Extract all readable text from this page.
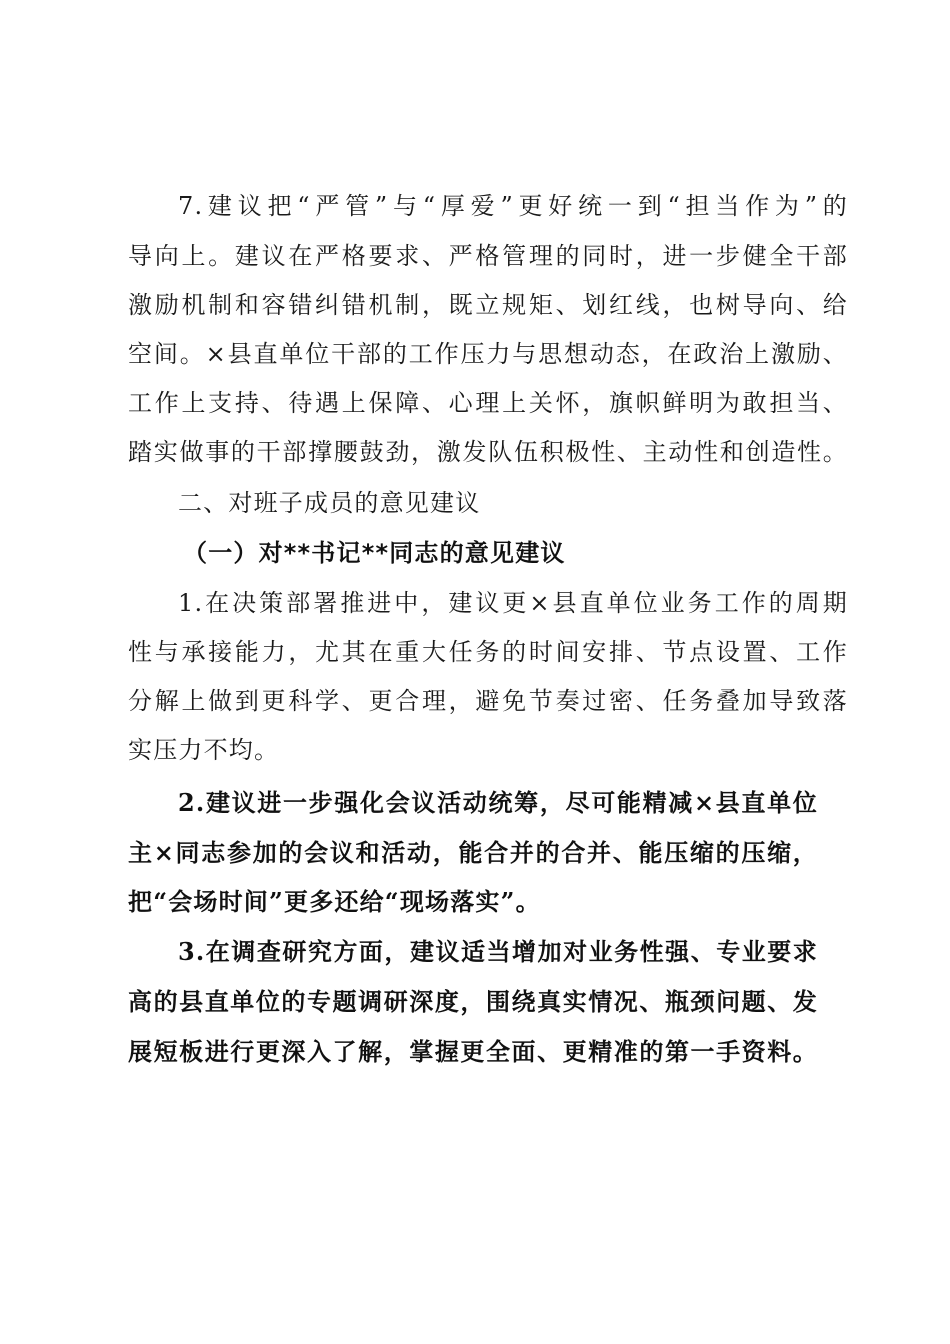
7.建议把“严管”与“厚爱”更好统一到“担当作为”的
导向上。建议在严格要求、严格管理的同时，进一步健全干部
激励机制和容错纠错机制，既立规矩、划红线，也树导向、给
空间。×县直单位干部的工作压力与思想动态，在政治上激励、
工作上支持、待遇上保障、心理上关怀，旗帜鲜明为敢担当、
踏实做事的干部撑腰鼓劲，激发队伍积极性、主动性和创造性。
二、对班子成员的意见建议
（一）对**书记**同志的意见建议
1.在决策部署推进中，建议更×县直单位业务工作的周期
性与承接能力，尤其在重大任务的时间安排、节点设置、工作
分解上做到更科学、更合理，避免节奏过密、任务叠加导致落
实压力不均。
2.建议进一步强化会议活动统筹，尽可能精减×县直单位
主×同志参加的会议和活动，能合并的合并、能压缩的压缩，
把“会场时间”更多还给“现场落实”。
3.在调查研究方面，建议适当增加对业务性强、专业要求
高的县直单位的专题调研深度，围绕真实情况、瓶颈问题、发
展短板进行更深入了解，掌握更全面、更精准的第一手资料。
